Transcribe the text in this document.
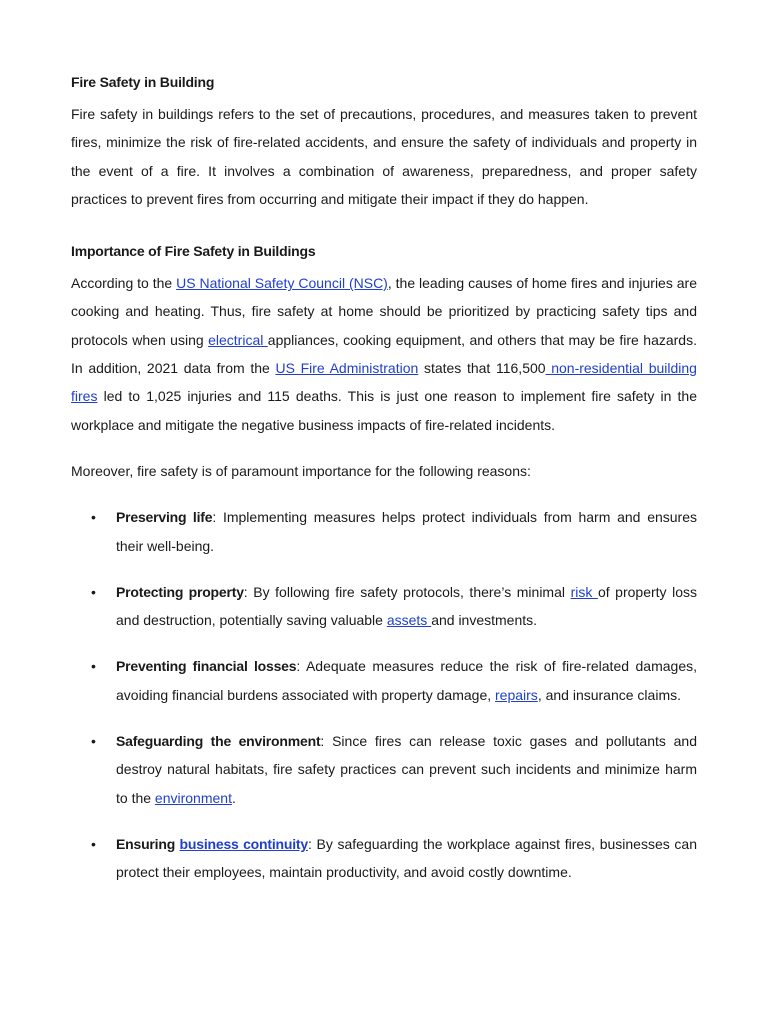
Fire Safety in Building

Fire safety in buildings refers to the set of precautions, procedures, and measures taken to prevent fires, minimize the risk of fire-related accidents, and ensure the safety of individuals and property in the event of a fire. It involves a combination of awareness, preparedness, and proper safety practices to prevent fires from occurring and mitigate their impact if they do happen.

Importance of Fire Safety in Buildings

According to the US National Safety Council (NSC), the leading causes of home fires and injuries are cooking and heating. Thus, fire safety at home should be prioritized by practicing safety tips and protocols when using electrical appliances, cooking equipment, and others that may be fire hazards. In addition, 2021 data from the US Fire Administration states that 116,500 non-residential building fires led to 1,025 injuries and 115 deaths. This is just one reason to implement fire safety in the workplace and mitigate the negative business impacts of fire-related incidents.

Moreover, fire safety is of paramount importance for the following reasons:

• Preserving life: Implementing measures helps protect individuals from harm and ensures their well-being.
• Protecting property: By following fire safety protocols, there’s minimal risk of property loss and destruction, potentially saving valuable assets and investments.
• Preventing financial losses: Adequate measures reduce the risk of fire-related damages, avoiding financial burdens associated with property damage, repairs, and insurance claims.
• Safeguarding the environment: Since fires can release toxic gases and pollutants and destroy natural habitats, fire safety practices can prevent such incidents and minimize harm to the environment.
• Ensuring business continuity: By safeguarding the workplace against fires, businesses can protect their employees, maintain productivity, and avoid costly downtime.
